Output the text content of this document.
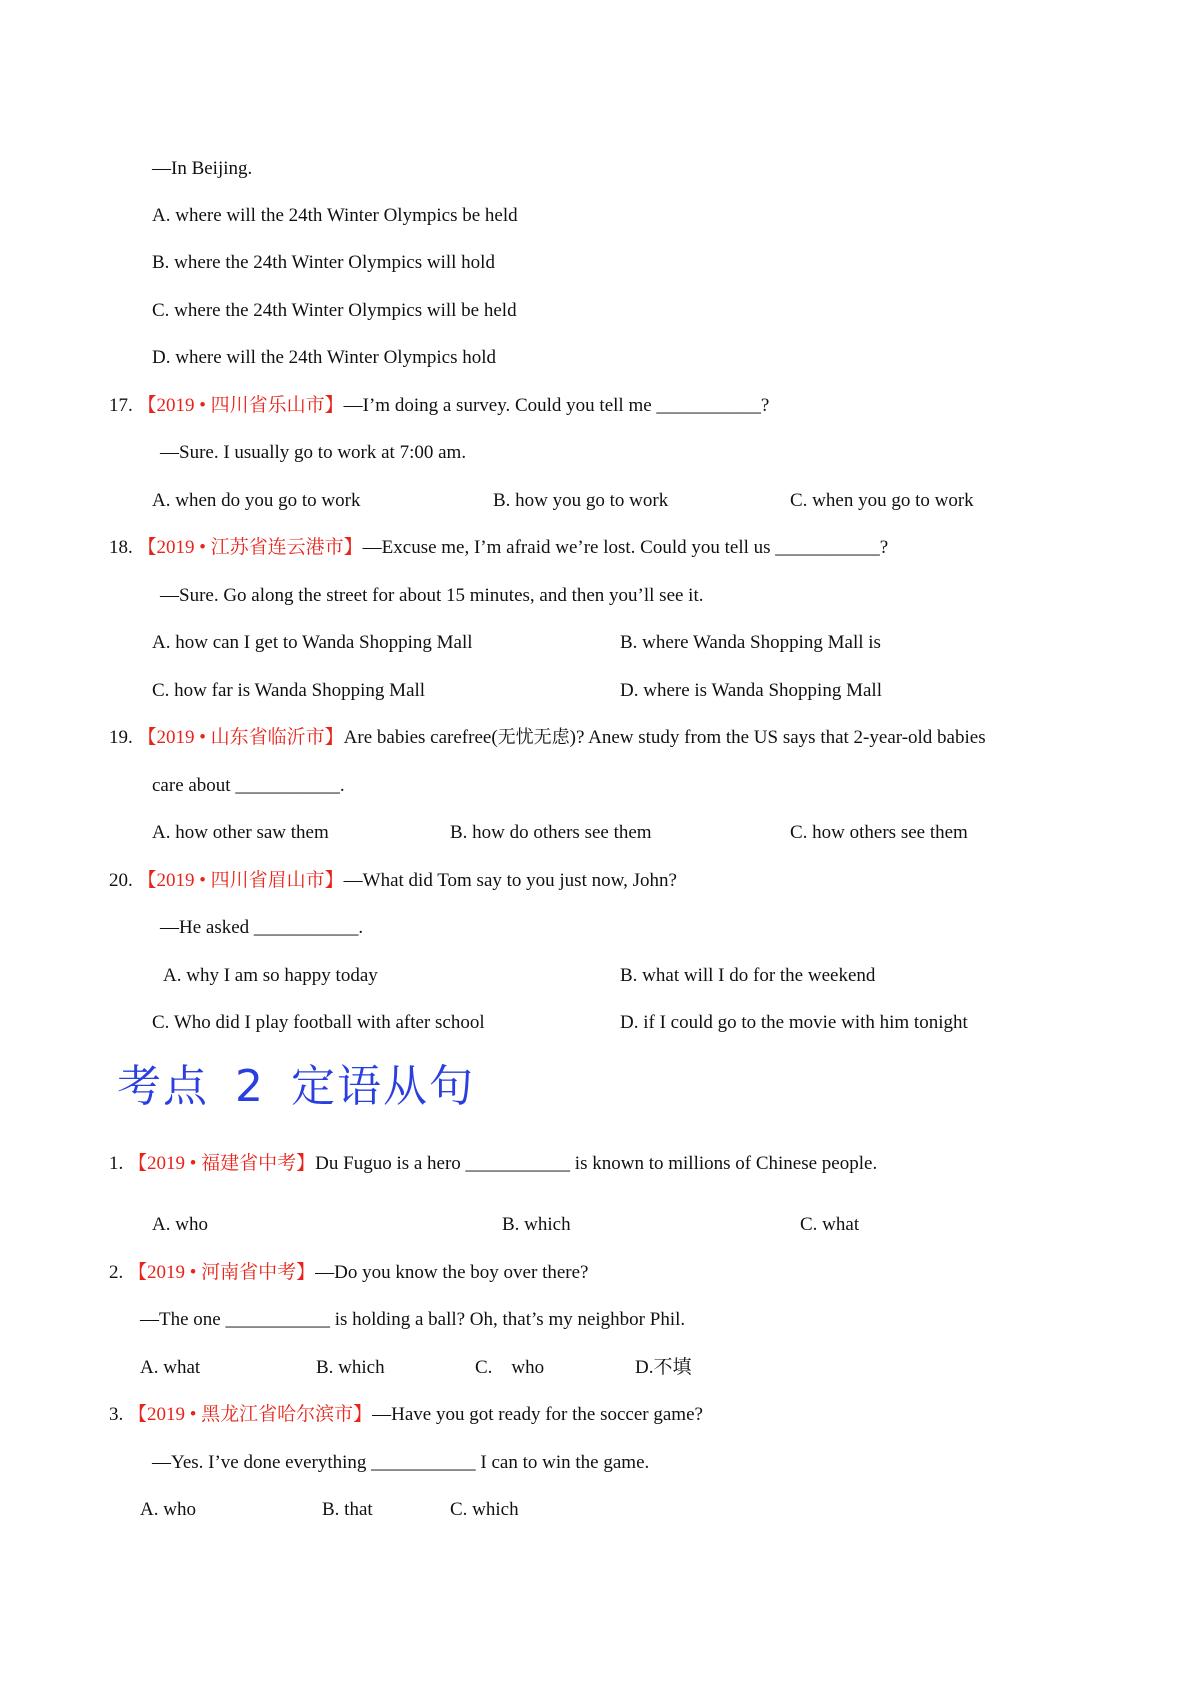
—In Beijing.
A. where will the 24th Winter Olympics be held
B. where the 24th Winter Olympics will hold
C. where the 24th Winter Olympics will be held
D. where will the 24th Winter Olympics hold
17. 【2019 • 四川省乐山市】—I’m doing a survey. Could you tell me ___________?
—Sure. I usually go to work at 7:00 am.
A. when do you go to work	B. how you go to work	C. when you go to work
18. 【2019 • 江苏省连云港市】—Excuse me, I’m afraid we’re lost. Could you tell us ___________?
—Sure. Go along the street for about 15 minutes, and then you’ll see it.
A. how can I get to Wanda Shopping Mall	B. where Wanda Shopping Mall is
C. how far is Wanda Shopping Mall	D. where is Wanda Shopping Mall
19. 【2019 • 山东省临沂市】Are babies carefree(无忧无虑)? Anew study from the US says that 2-year-old babies
care about ___________.
A. how other saw them	B. how do others see them	C. how others see them
20. 【2019 • 四川省眉山市】—What did Tom say to you just now, John?
—He asked ___________.
A. why I am so happy today	B. what will I do for the weekend
C. Who did I play football with after school	D. if I could go to the movie with him tonight
考点 2 定语从句
1. 【2019 • 福建省中考】Du Fuguo is a hero ___________ is known to millions of Chinese people.
A. who	B. which	C. what
2. 【2019 • 河南省中考】—Do you know the boy over there?
—The one ___________ is holding a ball? Oh, that’s my neighbor Phil.
A. what	B. which	C.    who	D.不填
3. 【2019 • 黑龙江省哈尔滨市】—Have you got ready for the soccer game?
—Yes. I’ve done everything ___________ I can to win the game.
A. who	B. that	C. which
